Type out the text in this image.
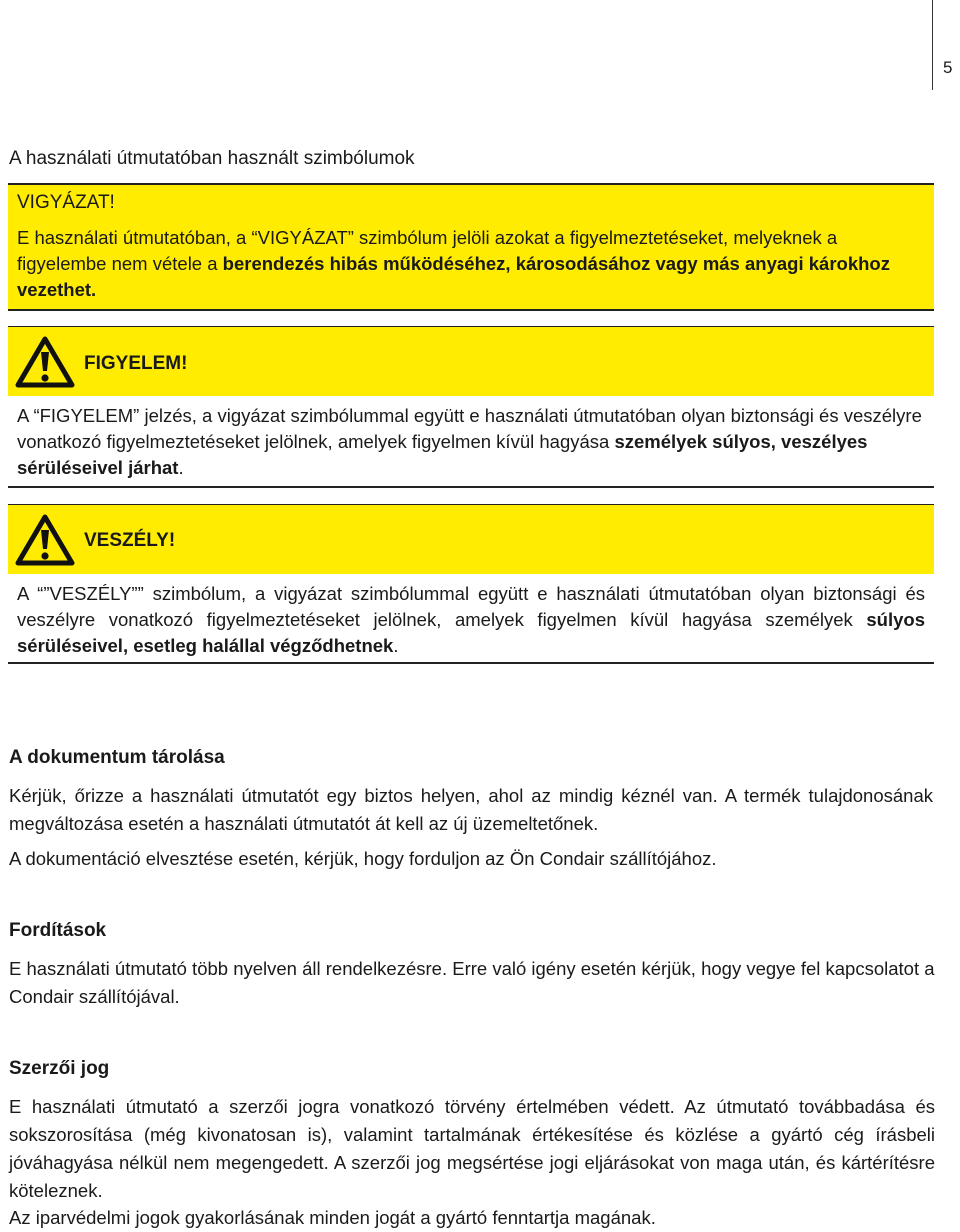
5
A használati útmutatóban használt szimbólumok
VIGYÁZAT!
E használati útmutatóban, a “VIGYÁZAT” szimbólum jelöli azokat a figyelmeztetéseket, melyeknek a figyelembe nem vétele a berendezés hibás működéséhez, károsodásához vagy más anyagi károkhoz vezethet.
FIGYELEM!
A “FIGYELEM” jelzés, a vigyázat szimbólummal együtt e használati útmutatóban olyan biztonsági és veszélyre vonatkozó figyelmeztetéseket jelölnek, amelyek figyelmen kívül hagyása személyek súlyos, veszélyes sérüléseivel járhat.
VESZÉLY!
A “”VESZÉLY”” szimbólum, a vigyázat szimbólummal együtt e használati útmutatóban olyan biztonsági és veszélyre vonatkozó figyelmeztetéseket jelölnek, amelyek figyelmen kívül hagyása személyek súlyos sérüléseivel, esetleg halállal végződhetnek.
A dokumentum tárolása
Kérjük, őrizze a használati útmutatót egy biztos helyen, ahol az mindig kéznél van. A termék tulajdonosának megváltozása esetén a használati útmutatót át kell az új üzemeltetőnek.
A dokumentáció elvesztése esetén, kérjük, hogy forduljon az Ön Condair szállítójához.
Fordítások
E használati útmutató több nyelven áll rendelkezésre. Erre való igény esetén kérjük, hogy vegye fel kapcsolatot a Condair szállítójával.
Szerzői jog
E használati útmutató a szerzői jogra vonatkozó törvény értelmében védett. Az útmutató továbbadása és sokszorosítása (még kivonatosan is), valamint tartalmának értékesítése és közlése a gyártó cég írásbeli jóváhagyása nélkül nem megengedett. A szerzői jog megsértése jogi eljárásokat von maga után, és kártérítésre köteleznek.
Az iparvédelmi jogok gyakorlásának minden jogát a gyártó fenntartja magának.
